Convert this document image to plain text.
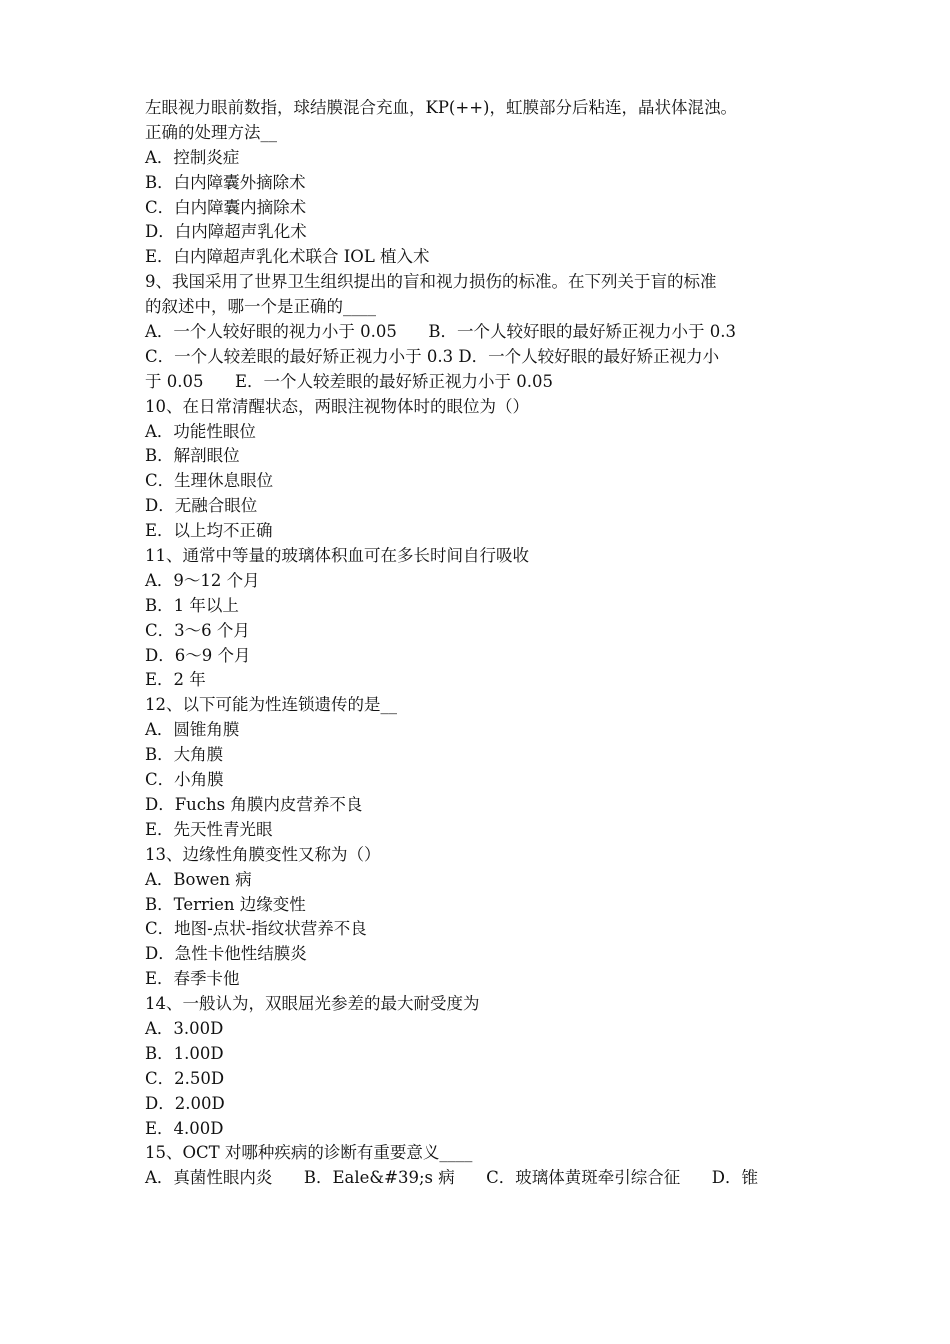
左眼视力眼前数指，球结膜混合充血，KP(++)，虹膜部分后粘连，晶状体混浊。
正确的处理方法__
A．控制炎症
B．白内障囊外摘除术
C．白内障囊内摘除术
D．白内障超声乳化术
E．白内障超声乳化术联合 IOL 植入术
9、我国采用了世界卫生组织提出的盲和视力损伤的标准。在下列关于盲的标准
的叙述中，哪一个是正确的____
A．一个人较好眼的视力小于 0.05      B．一个人较好眼的最好矫正视力小于 0.3
C．一个人较差眼的最好矫正视力小于 0.3 D．一个人较好眼的最好矫正视力小
于 0.05      E．一个人较差眼的最好矫正视力小于 0.05
10、在日常清醒状态，两眼注视物体时的眼位为（）
A．功能性眼位
B．解剖眼位
C．生理休息眼位
D．无融合眼位
E．以上均不正确
11、通常中等量的玻璃体积血可在多长时间自行吸收
A．9～12 个月
B．1 年以上
C．3～6 个月
D．6～9 个月
E．2 年
12、以下可能为性连锁遗传的是__
A．圆锥角膜
B．大角膜
C．小角膜
D．Fuchs 角膜内皮营养不良
E．先天性青光眼
13、边缘性角膜变性又称为（）
A．Bowen 病
B．Terrien 边缘变性
C．地图-点状-指纹状营养不良
D．急性卡他性结膜炎
E．春季卡他
14、一般认为，双眼屈光参差的最大耐受度为
A．3.00D
B．1.00D
C．2.50D
D．2.00D
E．4.00D
15、OCT 对哪种疾病的诊断有重要意义____
A．真菌性眼内炎      B．Eale&#39;s 病      C．玻璃体黄斑牵引综合征      D．锥
